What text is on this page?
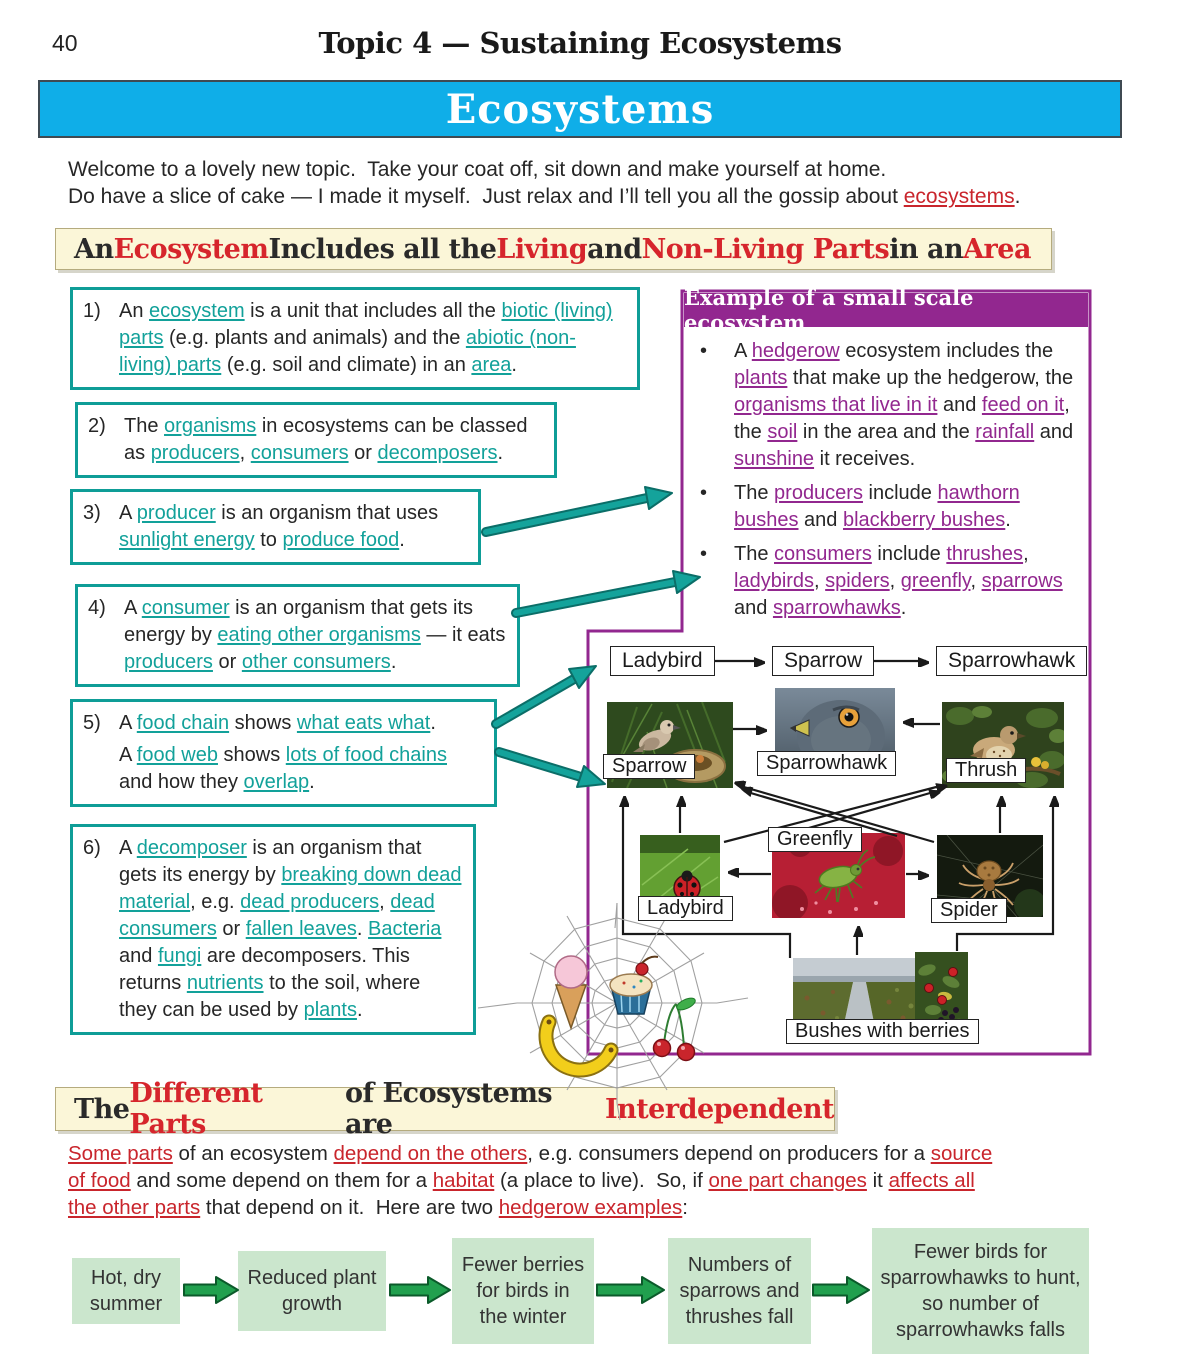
40	Topic 4 — Sustaining Ecosystems
Ecosystems
Welcome to a lovely new topic.  Take your coat off, sit down and make yourself at home.
Do have a slice of cake — I made it myself.  Just relax and I’ll tell you all the gossip about ecosystems.
An Ecosystem Includes all the Living and Non-Living Parts in an Area
1) An ecosystem is a unit that includes all the biotic (living) parts (e.g. plants and animals) and the abiotic (non-living) parts (e.g. soil and climate) in an area.
2) The organisms in ecosystems can be classed as producers, consumers or decomposers.
3) A producer is an organism that uses sunlight energy to produce food.
4) A consumer is an organism that gets its energy by eating other organisms — it eats producers or other consumers.
5) A food chain shows what eats what.
A food web shows lots of food chains and how they overlap.
6) A decomposer is an organism that gets its energy by breaking down dead material, e.g. dead producers, dead consumers or fallen leaves. Bacteria and fungi are decomposers. This returns nutrients to the soil, where they can be used by plants.
Example of a small scale ecosystem
•	A hedgerow ecosystem includes the plants that make up the hedgerow, the organisms that live in it and feed on it, the soil in the area and the rainfall and sunshine it receives.
•	The producers include hawthorn bushes and blackberry bushes.
•	The consumers include thrushes, ladybirds, spiders, greenfly, sparrows and sparrowhawks.
Ladybird	Sparrow	Sparrowhawk
Sparrow	Sparrowhawk	Thrush
Greenfly
Ladybird	Spider
Bushes with berries
The Different Parts
of Ecosystems are	Interdependent
Some parts of an ecosystem depend on the others, e.g. consumers depend on producers for a source of food and some depend on them for a habitat (a place to live).  So, if one part changes it affects all the other parts that depend on it.  Here are two hedgerow examples:
Hot, dry summer
Reduced plant growth
Fewer berries for birds in the winter
Numbers of sparrows and thrushes fall
Fewer birds for sparrowhawks to hunt, so number of sparrowhawks falls
